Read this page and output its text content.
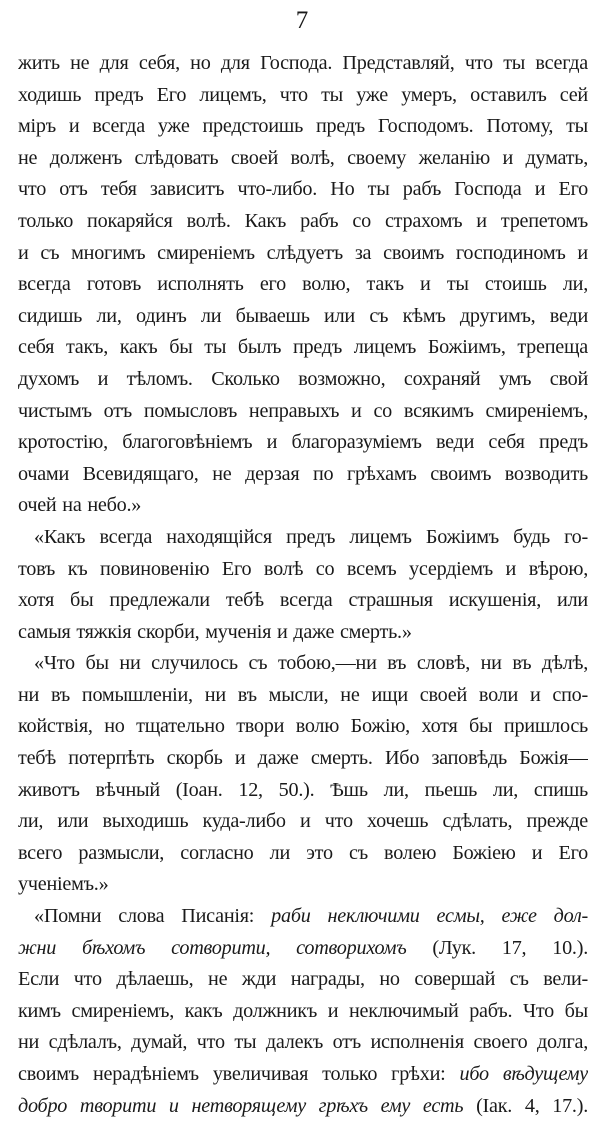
7
жить не для себя, но для Господа. Представляй, что ты всегда
ходишь предъ Его лицемъ, что ты уже умеръ, оставилъ сей
міръ и всегда уже предстоишь предъ Господомъ. Потому, ты
не долженъ слѣдовать своей волѣ, своему желанію и думать,
что отъ тебя зависитъ что-либо. Но ты рабъ Господа и Его
только покаряйся волѣ. Какъ рабъ со страхомъ и трепетомъ
и съ многимъ смиреніемъ слѣдуетъ за своимъ господиномъ и
всегда готовъ исполнять его волю, такъ и ты стоишь ли,
сидишь ли, одинъ ли бываешь или съ кѣмъ другимъ, веди
себя такъ, какъ бы ты былъ предъ лицемъ Божіимъ, трепеща
духомъ и тѣломъ. Сколько возможно, сохраняй умъ свой
чистымъ отъ помысловъ неправыхъ и со всякимъ смиреніемъ,
кротостію, благоговѣніемъ и благоразуміемъ веди себя предъ
очами Всевидящаго, не дерзая по грѣхамъ своимъ возводить
очей на небо.»
«Какъ всегда находящійся предъ лицемъ Божіимъ будь го-
товъ къ повиновенію Его волѣ со всемъ усердіемъ и вѣрою,
хотя бы предлежали тебѣ всегда страшныя искушенія, или
самыя тяжкія скорби, мученія и даже смерть.»
«Что бы ни случилось съ тобою,—ни въ словѣ, ни въ дѣлѣ,
ни въ помышленіи, ни въ мысли, не ищи своей воли и спо-
койствія, но тщательно твори волю Божію, хотя бы пришлось
тебѣ потерпѣть скорбь и даже смерть. Ибо заповѣдь Божія—
животъ вѣчный (Іоан. 12, 50.). Ѣшь ли, пьешь ли, спишь
ли, или выходишь куда-либо и что хочешь сдѣлать, прежде
всего размысли, согласно ли это съ волею Божіею и Его
ученіемъ.»
«Помни слова Писанія: раби неключими есмы, еже дол-
жни бѣхомъ сотворити, сотворихомъ (Лук. 17, 10.).
Если что дѣлаешь, не жди награды, но совершай съ вели-
кимъ смиреніемъ, какъ должникъ и неключимый рабъ. Что бы
ни сдѣлалъ, думай, что ты далекъ отъ исполненія своего долга,
своимъ нерадѣніемъ увеличивая только грѣхи: ибо вѣдущему
добро творити и нетворящему грѣхъ ему есть (Іак. 4, 17.).
